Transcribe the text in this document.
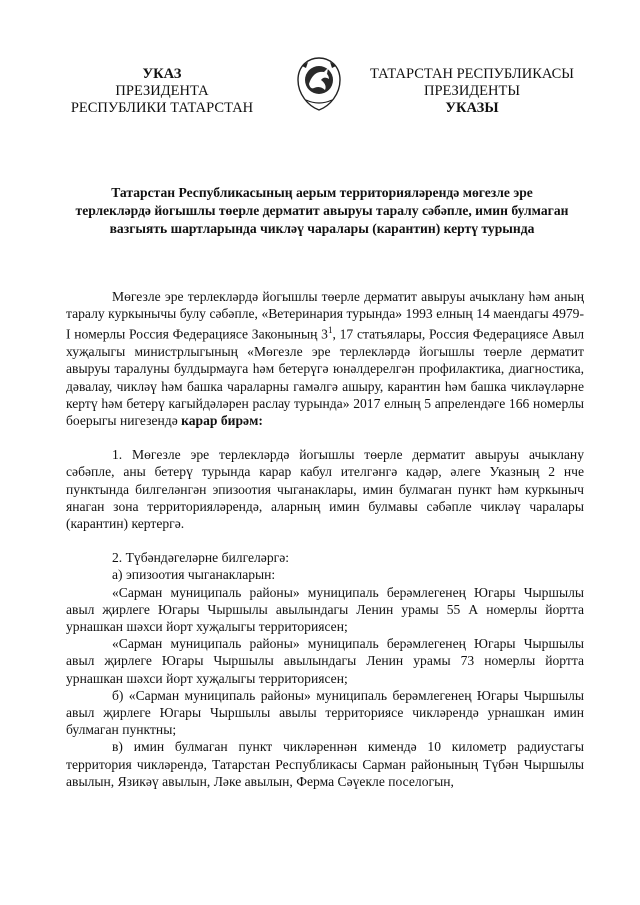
УКАЗ
ПРЕЗИДЕНТА
РЕСПУБЛИКИ ТАТАРСТАН
ТАТАРСТАН РЕСПУБЛИКАСЫ
ПРЕЗИДЕНТЫ
УКАЗЫ
Татарстан Республикасының аерым территорияләрендә мөгезле эре терлекләрдә йогышлы төерле дерматит авыруы таралу сәбәпле, имин булмаган вазгыять шартларында чикләү чаралары (карантин) кертү турында

Мөгезле эре терлекләрдә йогышлы төерле дерматит авыруы ачыклану һәм аның таралу куркынычы булу сәбәпле, «Ветеринария турында» 1993 елның 14 маендагы 4979-I номерлы Россия Федерациясе Законының $3^1$, 17 статьялары, Россия Федерациясе Авыл хуҗалыгы министрлыгының «Мөгезле эре терлекләрдә йогышлы төерле дерматит авыруы таралуны булдырмауга һәм бетерүгә юнәлдерелгән профилактика, диагностика, дәвалау, чикләү һәм башка чараларны гамәлгә ашыру, карантин һәм башка чикләүләрне кертү һәм бетерү кагыйдәләрен раслау турында» 2017 елның 5 апрелендәге 166 номерлы боерыгы нигезендә карар бирәм:

1. Мөгезле эре терлекләрдә йогышлы төерле дерматит авыруы ачыклану сәбәпле, аны бетерү турында карар кабул ителгәнгә кадәр, әлеге Указның 2 нче пунктында билгеләнгән эпизоотия чыганаклары, имин булмаган пункт һәм куркыныч янаган зона территорияләрендә, аларның имин булмавы сәбәпле чикләү чаралары (карантин) кертергә.

2. Түбәндәгеләрне билгеләргә:

а) эпизоотия чыганакларын:

«Сарман муниципаль районы» муниципаль берәмлегенең Югары Чыршылы авыл җирлеге Югары Чыршылы авылындагы Ленин урамы 55 А номерлы йортта урнашкан шәхси йорт хуҗалыгы территориясен;

«Сарман муниципаль районы» муниципаль берәмлегенең Югары Чыршылы авыл җирлеге Югары Чыршылы авылындагы Ленин урамы 73 номерлы йортта урнашкан шәхси йорт хуҗалыгы территориясен;

б) «Сарман муниципаль районы» муниципаль берәмлегенең Югары Чыршылы авыл җирлеге Югары Чыршылы авылы территориясе чикләрендә урнашкан имин булмаган пунктны;

в) имин булмаган пункт чикләреннән кимендә 10 километр радиустагы территория чикләрендә, Татарстан Республикасы Сарман районының Түбән Чыршылы авылын, Язикәү авылын, Ләке авылын, Ферма Сәүекле поселогын,
